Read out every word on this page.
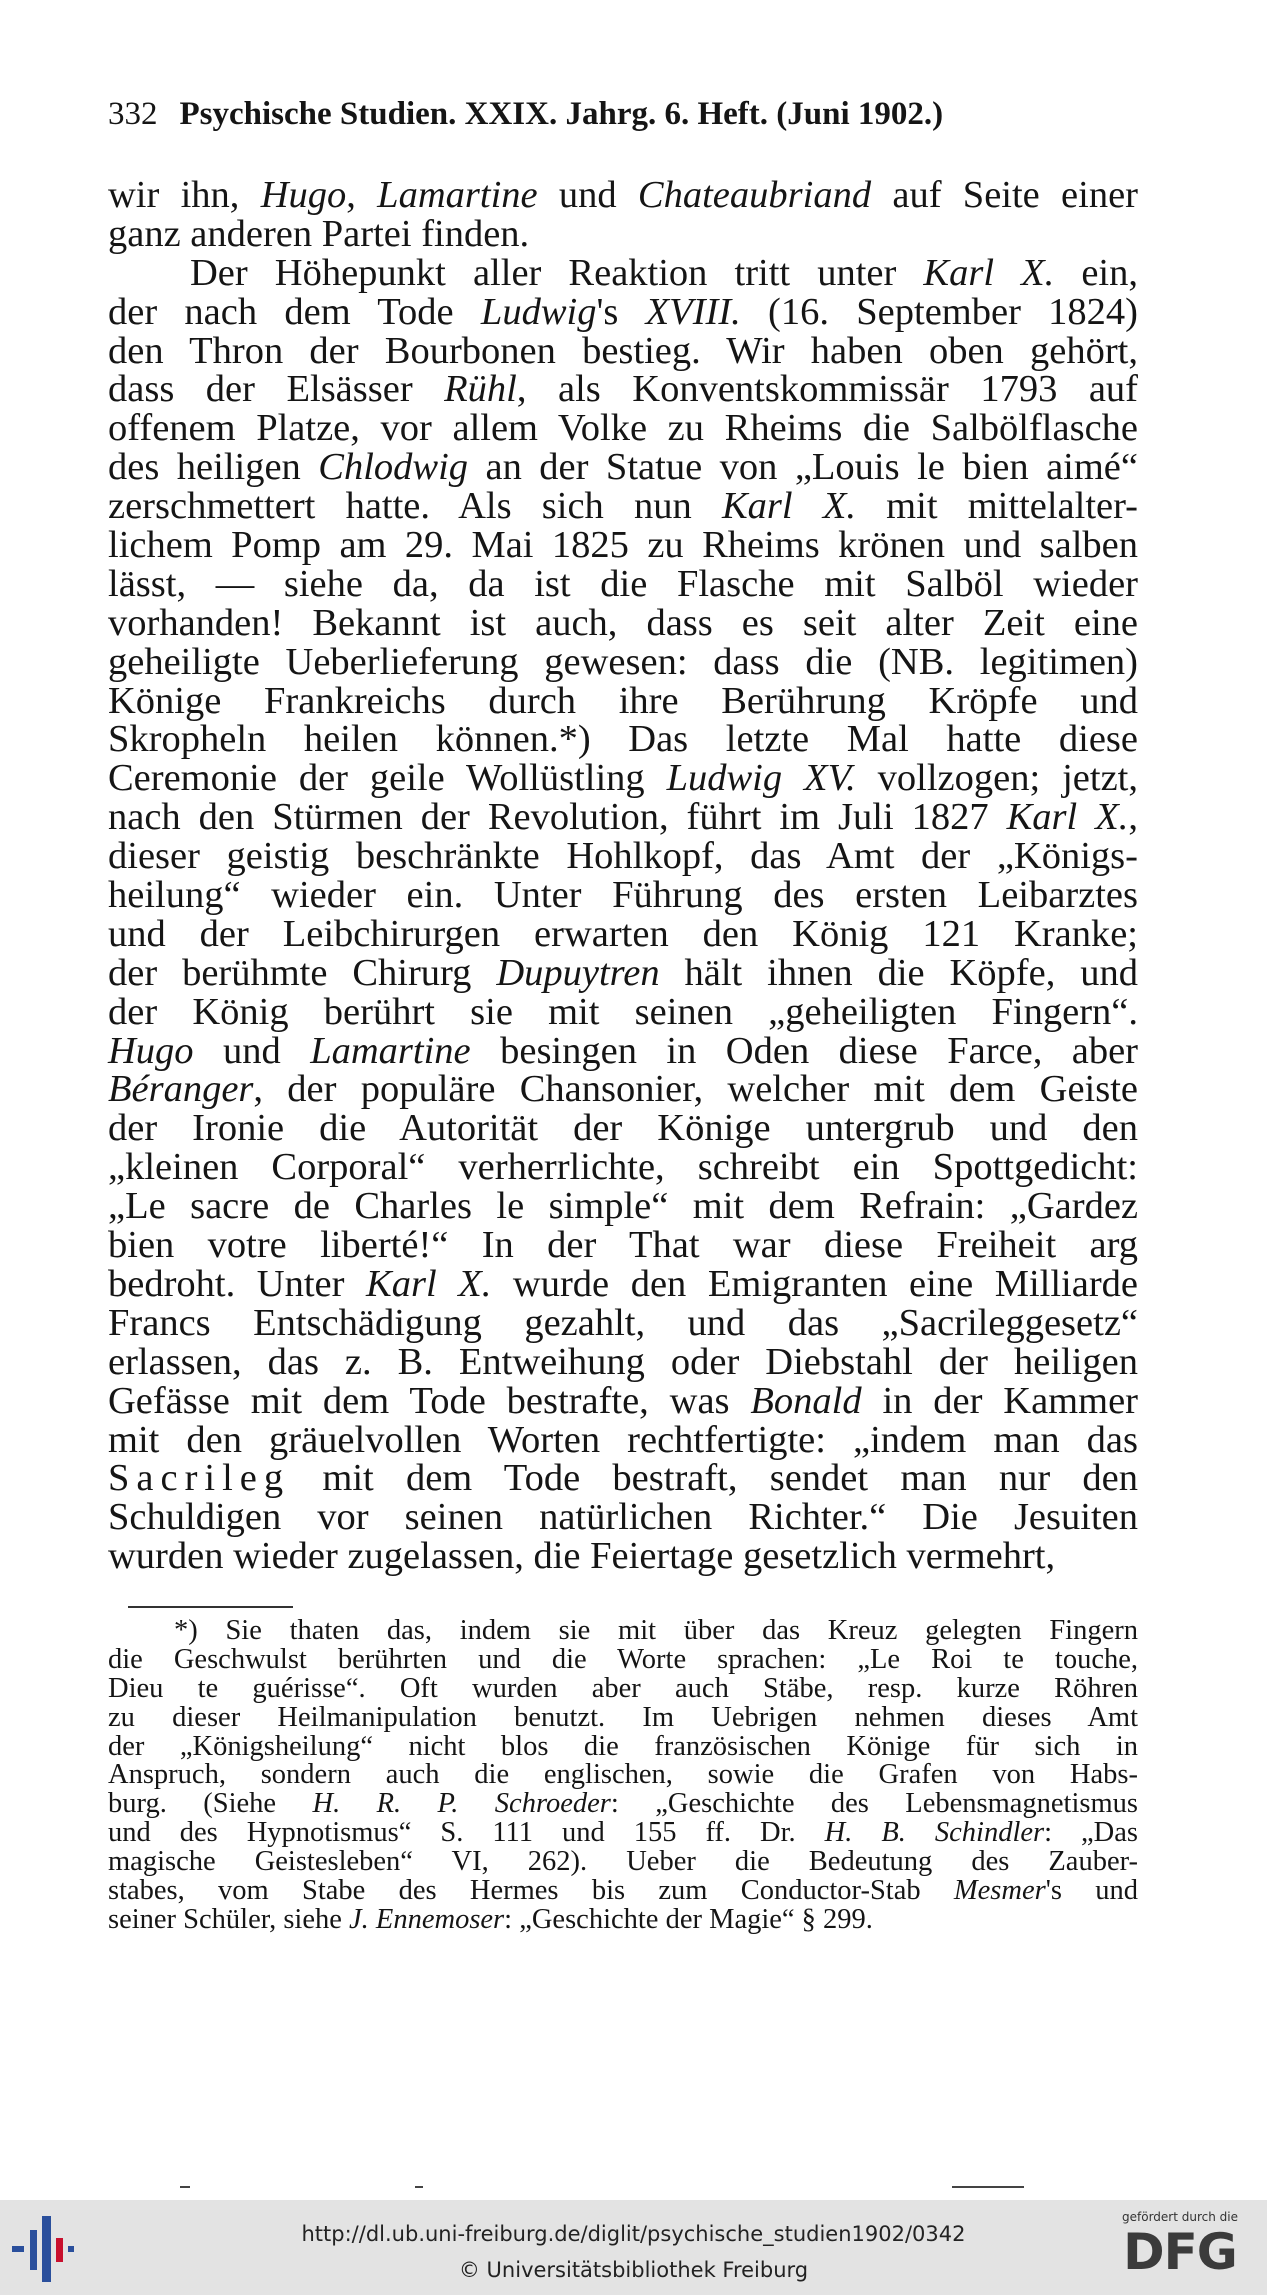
332 Psychische Studien. XXIX. Jahrg. 6. Heft. (Juni 1902.)
wir ihn, Hugo, Lamartine und Chateaubriand auf Seite einer
ganz anderen Partei finden.
Der Höhepunkt aller Reaktion tritt unter Karl X. ein,
der nach dem Tode Ludwig's XVIII. (16. September 1824)
den Thron der Bourbonen bestieg. Wir haben oben gehört,
dass der Elsässer Rühl, als Konventskommissär 1793 auf
offenem Platze, vor allem Volke zu Rheims die Salbölflasche
des heiligen Chlodwig an der Statue von „Louis le bien aimé“
zerschmettert hatte. Als sich nun Karl X. mit mittelalter-
lichem Pomp am 29. Mai 1825 zu Rheims krönen und salben
lässt, — siehe da, da ist die Flasche mit Salböl wieder
vorhanden! Bekannt ist auch, dass es seit alter Zeit eine
geheiligte Ueberlieferung gewesen: dass die (NB. legitimen)
Könige Frankreichs durch ihre Berührung Kröpfe und
Skropheln heilen können.*) Das letzte Mal hatte diese
Ceremonie der geile Wollüstling Ludwig XV. vollzogen; jetzt,
nach den Stürmen der Revolution, führt im Juli 1827 Karl X.,
dieser geistig beschränkte Hohlkopf, das Amt der „Königs-
heilung“ wieder ein. Unter Führung des ersten Leibarztes
und der Leibchirurgen erwarten den König 121 Kranke;
der berühmte Chirurg Dupuytren hält ihnen die Köpfe, und
der König berührt sie mit seinen „geheiligten Fingern“.
Hugo und Lamartine besingen in Oden diese Farce, aber
Béranger, der populäre Chansonier, welcher mit dem Geiste
der Ironie die Autorität der Könige untergrub und den
„kleinen Corporal“ verherrlichte, schreibt ein Spottgedicht:
„Le sacre de Charles le simple“ mit dem Refrain: „Gardez
bien votre liberté!“ In der That war diese Freiheit arg
bedroht. Unter Karl X. wurde den Emigranten eine Milliarde
Francs Entschädigung gezahlt, und das „Sacrileggesetz“
erlassen, das z. B. Entweihung oder Diebstahl der heiligen
Gefässe mit dem Tode bestrafte, was Bonald in der Kammer
mit den gräuelvollen Worten rechtfertigte: „indem man das
Sacrileg mit dem Tode bestraft, sendet man nur den
Schuldigen vor seinen natürlichen Richter.“ Die Jesuiten
wurden wieder zugelassen, die Feiertage gesetzlich vermehrt,
*) Sie thaten das, indem sie mit über das Kreuz gelegten Fingern
die Geschwulst berührten und die Worte sprachen: „Le Roi te touche,
Dieu te guérisse“. Oft wurden aber auch Stäbe, resp. kurze Röhren
zu dieser Heilmanipulation benutzt. Im Uebrigen nehmen dieses Amt
der „Königsheilung“ nicht blos die französischen Könige für sich in
Anspruch, sondern auch die englischen, sowie die Grafen von Habs-
burg. (Siehe H. R. P. Schroeder: „Geschichte des Lebensmagnetismus
und des Hypnotismus“ S. 111 und 155 ff. Dr. H. B. Schindler: „Das
magische Geistesleben“ VI, 262). Ueber die Bedeutung des Zauber-
stabes, vom Stabe des Hermes bis zum Conductor-Stab Mesmer's und
seiner Schüler, siehe J. Ennemoser: „Geschichte der Magie“ § 299.
http://dl.ub.uni-freiburg.de/diglit/psychische_studien1902/0342
© Universitätsbibliothek Freiburg
gefördert durch die
DFG
